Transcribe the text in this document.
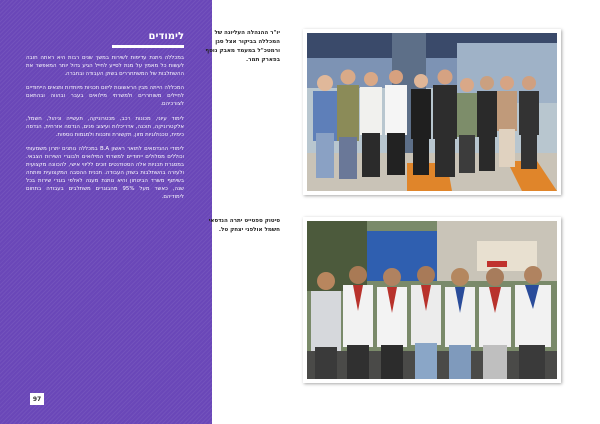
לימודים

במכללה ניתנת עדיפות לשירות במשך שנים רבות היא ראתה חובה לעשות כל מאמץ על מנת לסייע לחייל הגיע גדול יותר המאפשר את ההשתלבות של המשתחררים בשוק העבודה ובחברה.

המכללה הייתה מבין הראשונות ליזום תכניות מיוחדות ותנאים הייחודיים לחיילים משוחררים ולמשרתי מילואים בעבר ובהווה ובהתאם לצורכיהם.

לימוד עיוני, מכונות רכב, מכטרוניקה, תעשייה וניהול, חשמל, אלקטרוניקה, תוכנה, אדריכלות ועיצוב פנים, הנדסה אזרחית, הנדסה כימית, טכנולוגיות מזון, תקשורת ותכנות ולמגמות נוספות.

לימודי ההנדסאים לתואר ראשון B.A במכללה נותנים יתרון משמעותי וכוללים מסלולים ייחודיים למשרתי המילואים ולבוגרי השירות הצבאי. במסגרת תכניות אלה הסטודנטים זוכים לליווי אישי, להכוונה מקצועית ולעזרה בהשתלבות בשוק העבודה. תכנית ההסבה המקצועית פותחה בשיתוף משרד הביטחון והיא נותנת מענה לאלפי בוגרי שירות בכל שנה, כאשר מעל 95% מהבוגרים משתלבים בעבודה בתחום לימודיהם.

97
יו"ר ההנהלה העליונה של המכללה בביקור אצל סגן ורמטכ"ל במעמד מאבק נוסף בפארק תמר.
סיטוק ספטייט יתרה הנדסאי חשמל אולפני יצחק טל.
